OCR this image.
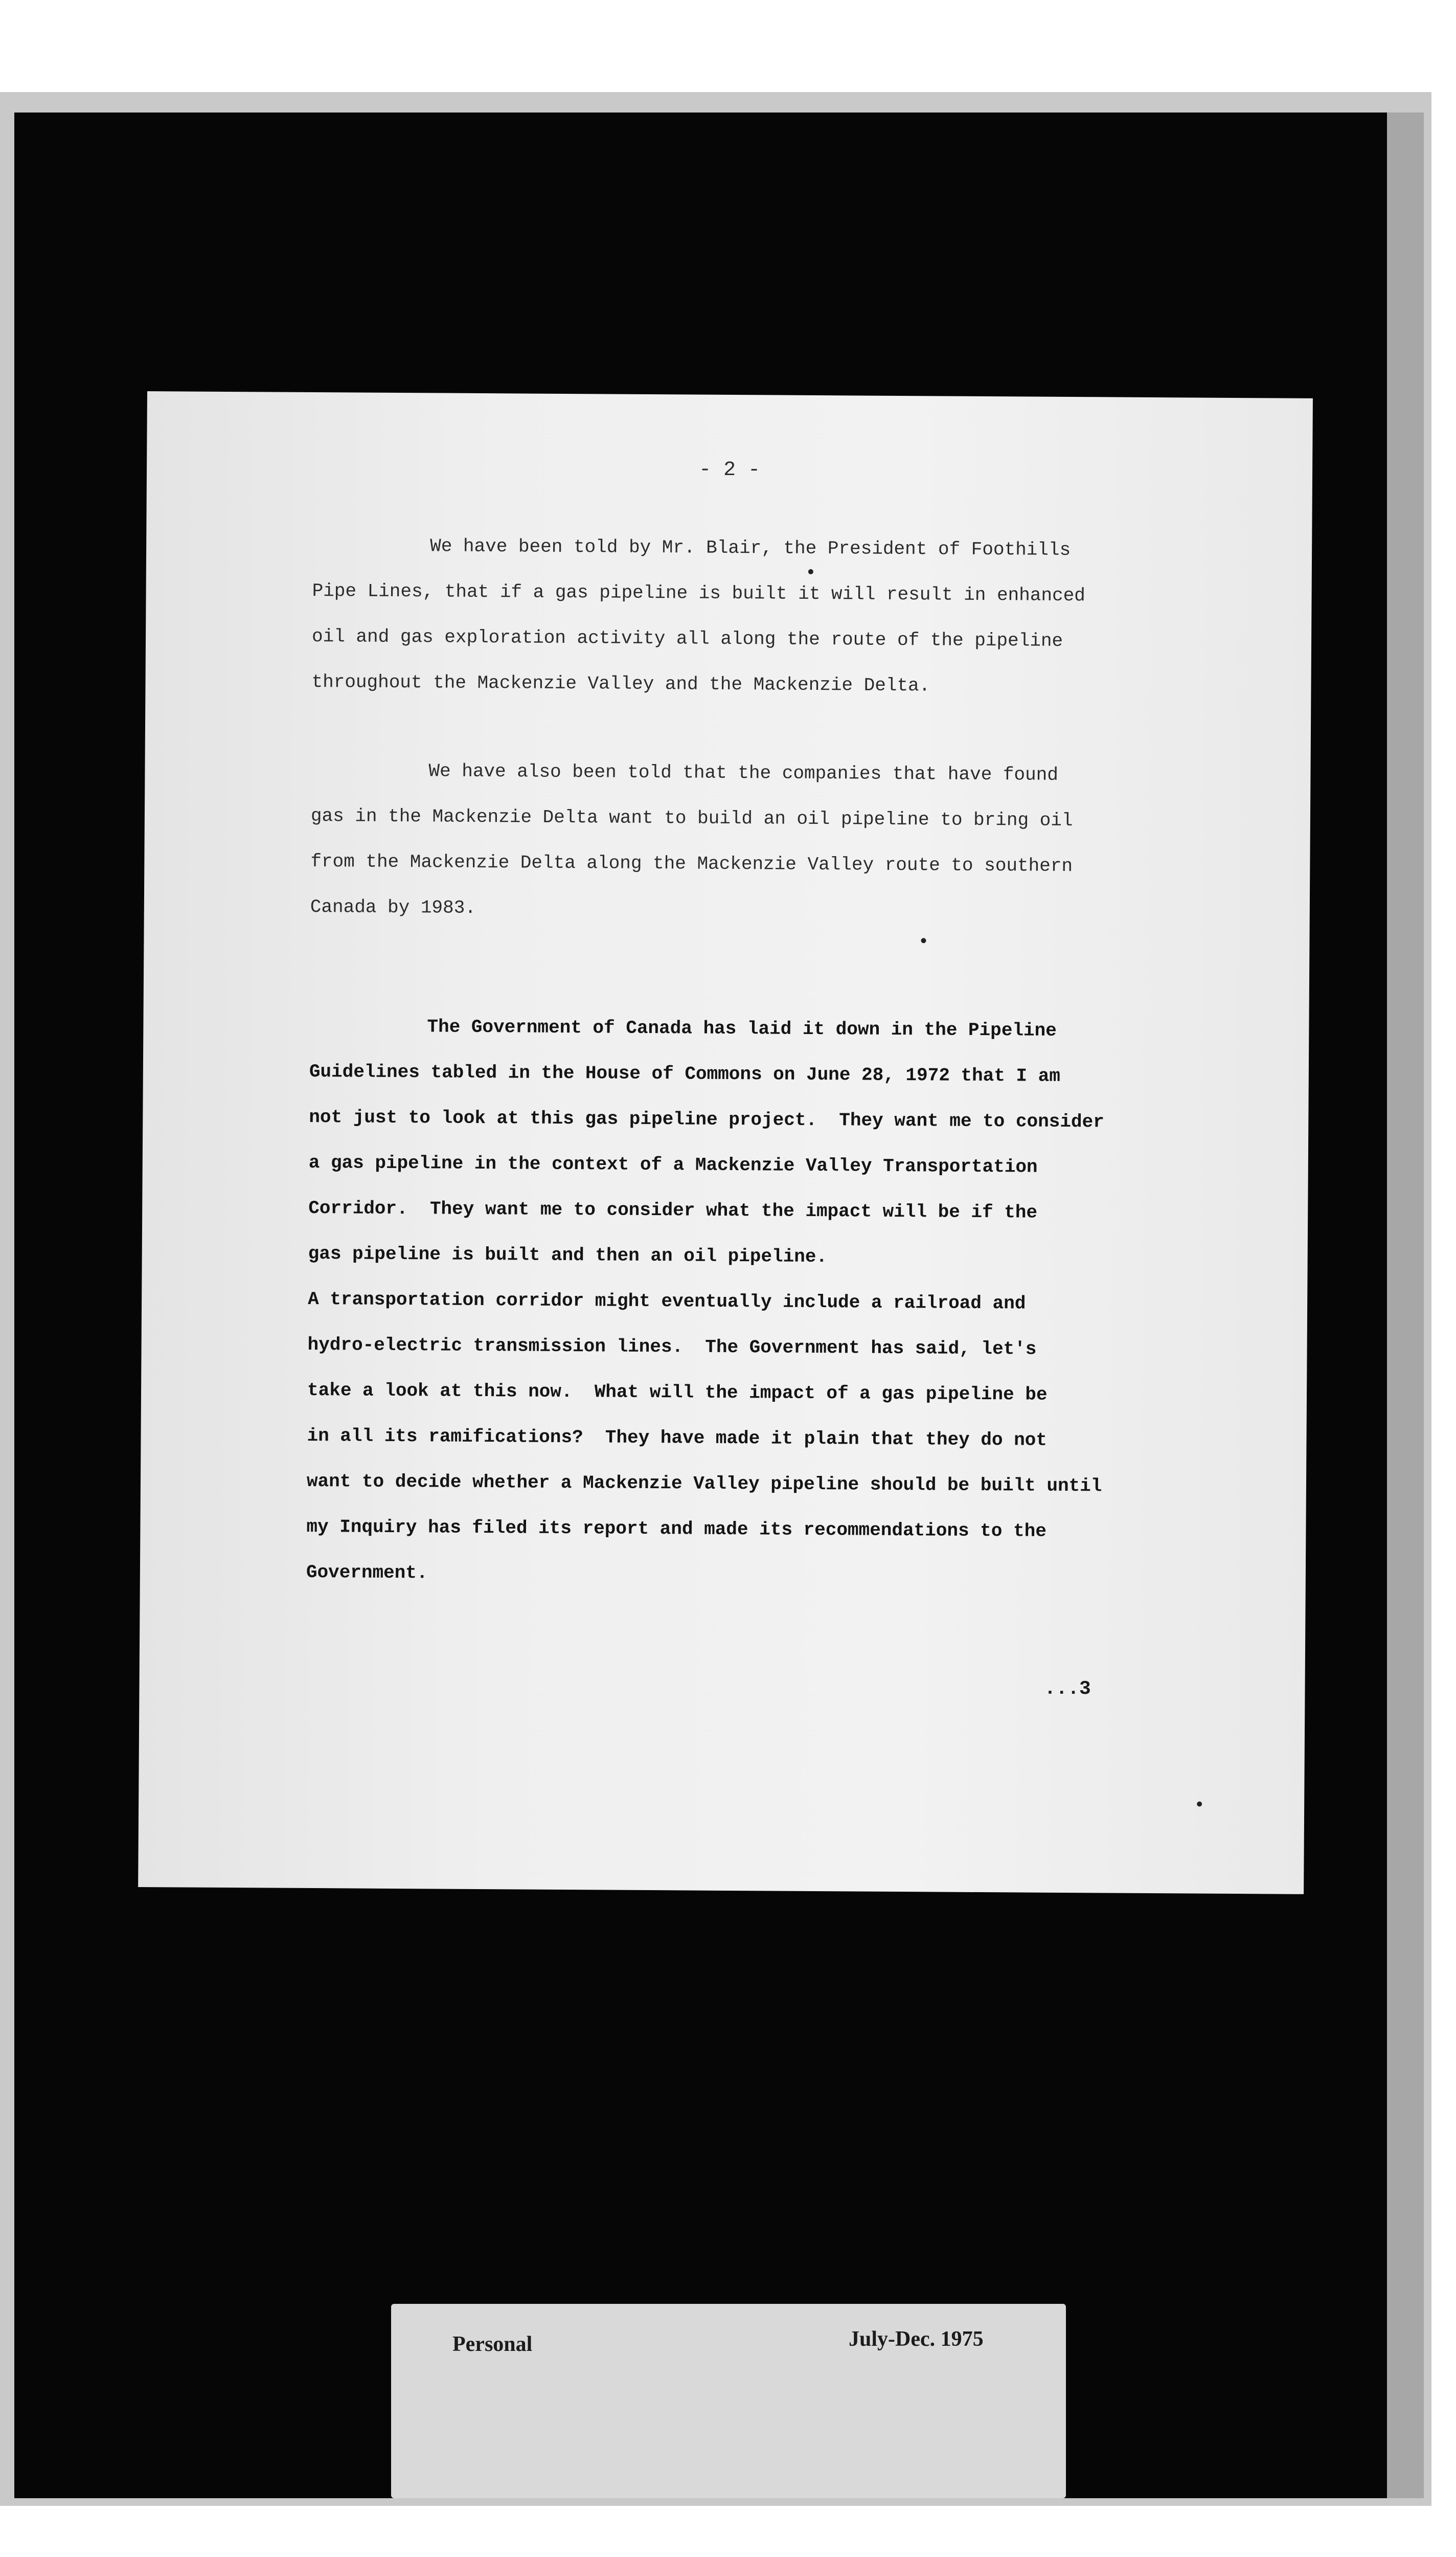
- 2 -
We have been told by Mr. Blair, the President of Foothills
Pipe Lines, that if a gas pipeline is built it will result in enhanced
oil and gas exploration activity all along the route of the pipeline
throughout the Mackenzie Valley and the Mackenzie Delta.
We have also been told that the companies that have found
gas in the Mackenzie Delta want to build an oil pipeline to bring oil
from the Mackenzie Delta along the Mackenzie Valley route to southern
Canada by 1983.
The Government of Canada has laid it down in the Pipeline
Guidelines tabled in the House of Commons on June 28, 1972 that I am
not just to look at this gas pipeline project.  They want me to consider
a gas pipeline in the context of a Mackenzie Valley Transportation
Corridor.  They want me to consider what the impact will be if the
gas pipeline is built and then an oil pipeline.
A transportation corridor might eventually include a railroad and
hydro-electric transmission lines.  The Government has said, let's
take a look at this now.  What will the impact of a gas pipeline be
in all its ramifications?  They have made it plain that they do not
want to decide whether a Mackenzie Valley pipeline should be built until
my Inquiry has filed its report and made its recommendations to the
Government.
...3
Personal	July-Dec. 1975
